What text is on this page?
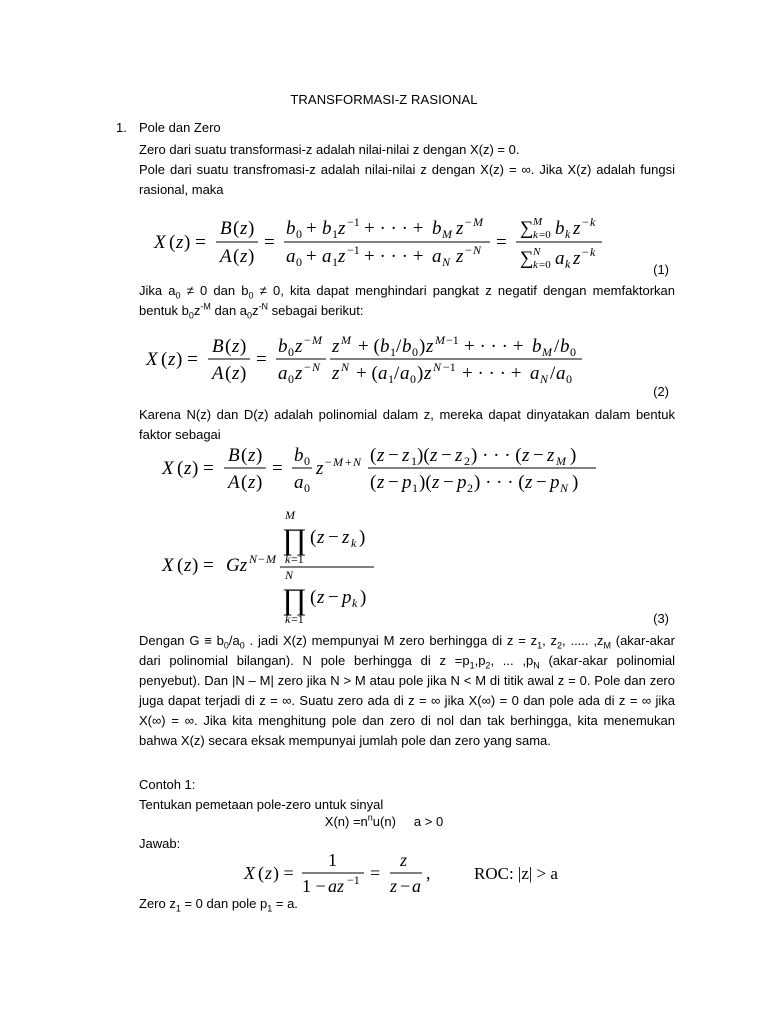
TRANSFORMASI-Z RASIONAL
1. Pole dan Zero
Zero dari suatu transformasi-z adalah nilai-nilai z dengan X(z) = 0.
Pole dari suatu transfromasi-z adalah nilai-nilai z dengan X(z) = ∞. Jika X(z) adalah fungsi rasional, maka
X ( z ) =
B ( z )
A ( z )
=
b 0 + b 1 z −1 + · · · + b M z − M
a 0 + a 1 z −1 + · · · + a N z − N =
∑ M
k =0 b k z − k
∑ N
k =0 a k z − k
(1)
Jika $a_0 \ne 0$ dan $b_0 \ne 0$, kita dapat menghindari pangkat z negatif dengan memfaktorkan bentuk $b_0z^{-M}$ dan $a_0z^{-N}$ sebagai berikut:
X ( z ) =
B ( z )
A ( z )
=
b 0 z − M
a 0 z − N
z M + ( b 1 / b 0 ) z M −1 + · · · + b M / b 0
z N + ( a 1 / a 0 ) z N −1 + · · · + a N / a 0
(2)
Karena N(z) dan D(z) adalah polinomial dalam z, mereka dapat dinyatakan dalam bentuk faktor sebagai
X ( z ) =
B ( z )
A ( z )
=
b 0
a 0
z − M + N ( z − z 1 )( z − z 2 ) · · · ( z − z M )
( z − p 1 )( z − p 2 ) · · · ( z − p N )
M
∏ ( z − z k )
k =1
X ( z ) = Gz N − M
N
∏ ( z − p k )
k =1	(3)
Dengan $G \equiv b_0/a_0$ . jadi X(z) mempunyai M zero berhingga di $z = z_1$, $z_2$, ..... $,z_M$ (akar-akar dari polinomial bilangan). N pole berhingga di $z =p_1,p_2$, ... $,p_N$ (akar-akar polinomial penyebut). Dan |N – M| zero jika N > M atau pole jika N < M di titik awal z = 0. Pole dan zero juga dapat terjadi di z = ∞. Suatu zero ada di z = ∞ jika X(∞) = 0 dan pole ada di z = ∞ jika X(∞) = ∞. Jika kita menghitung pole dan zero di nol dan tak berhingga, kita menemukan bahwa X(z) secara eksak mempunyai jumlah pole dan zero yang sama.
Contoh 1:
Tentukan pemetaan pole-zero untuk sinyal
$X(n) =n^nu(n) a > 0$
Jawab:
X ( z ) =
1
1 − az −1 =
z
z − a
,	ROC: |z| > a
Zero $z_1 = 0$ dan pole $p_1 = a$.
